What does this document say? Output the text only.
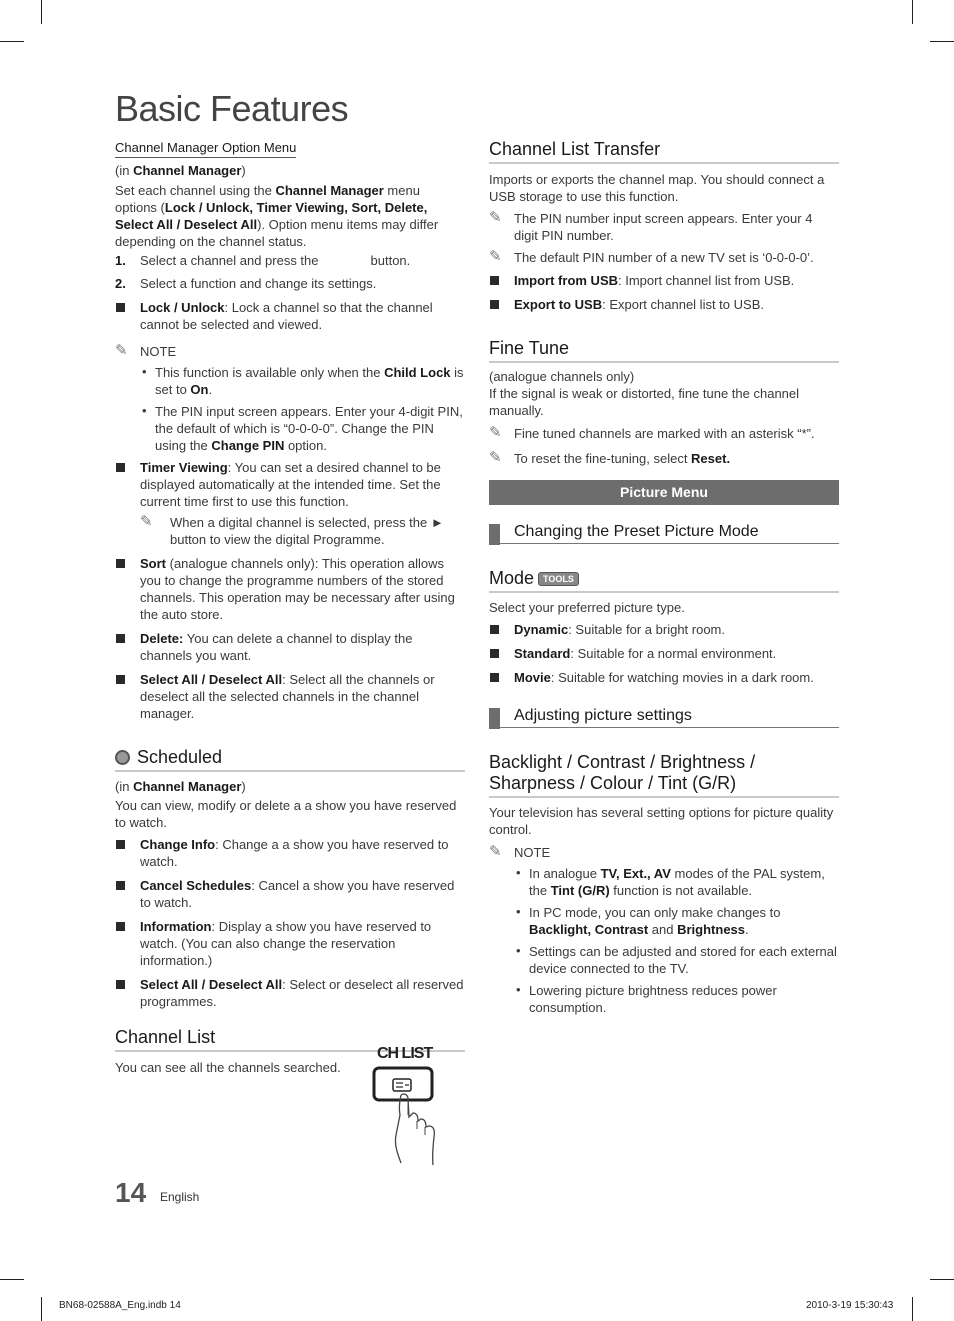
Basic Features
Channel Manager Option Menu

(in Channel Manager)

Set each channel using the Channel Manager menu options (Lock / Unlock, Timer Viewing, Sort, Delete, Select All / Deselect All). Option menu items may differ depending on the channel status.

1. Select a channel and press the	button.
2. Select a function and change its settings.
Lock / Unlock: Lock a channel so that the channel cannot be selected and viewed.
✎ NOTE
• This function is available only when the Child Lock is set to On.
• The PIN input screen appears. Enter your 4-digit PIN, the default of which is “0-0-0-0”. Change the PIN using the Change PIN option.
Timer Viewing: You can set a desired channel to be displayed automatically at the intended time. Set the current time first to use this function.
✎ When a digital channel is selected, press the ► button to view the digital Programme.
Sort (analogue channels only): This operation allows you to change the programme numbers of the stored channels. This operation may be necessary after using the auto store.
Delete: You can delete a channel to display the channels you want.
Select All / Deselect All: Select all the channels or deselect all the selected channels in the channel manager.
Scheduled

(in Channel Manager)

You can view, modify or delete a a show you have reserved to watch.

Change Info: Change a a show you have reserved to watch.
Cancel Schedules: Cancel a show you have reserved to watch.
Information: Display a show you have reserved to watch. (You can also change the reservation information.)
Select All / Deselect All: Select or deselect all reserved programmes.
Channel List

You can see all the channels searched.

CH LIST
Channel List Transfer

Imports or exports the channel map. You should connect a USB storage to use this function.

✎ The PIN number input screen appears. Enter your 4 digit PIN number.
✎ The default PIN number of a new TV set is ‘0-0-0-0’.
Import from USB: Import channel list from USB.
Export to USB: Export channel list to USB.
Fine Tune

(analogue channels only)

If the signal is weak or distorted, fine tune the channel manually.

✎ Fine tuned channels are marked with an asterisk “*”.
✎ To reset the fine-tuning, select Reset.
Picture Menu
Changing the Preset Picture Mode
Mode TOOLS

Select your preferred picture type.

Dynamic: Suitable for a bright room.
Standard: Suitable for a normal environment.
Movie: Suitable for watching movies in a dark room.
Adjusting picture settings
Backlight / Contrast / Brightness /
Sharpness / Colour / Tint (G/R)

Your television has several setting options for picture quality control.

✎ NOTE
• In analogue TV, Ext., AV modes of the PAL system, the Tint (G/R) function is not available.
• In PC mode, you can only make changes to Backlight, Contrast and Brightness.
• Settings can be adjusted and stored for each external device connected to the TV.
• Lowering picture brightness reduces power consumption.
14 English
BN68-02588A_Eng.indb 14	2010-3-19 15:30:43
